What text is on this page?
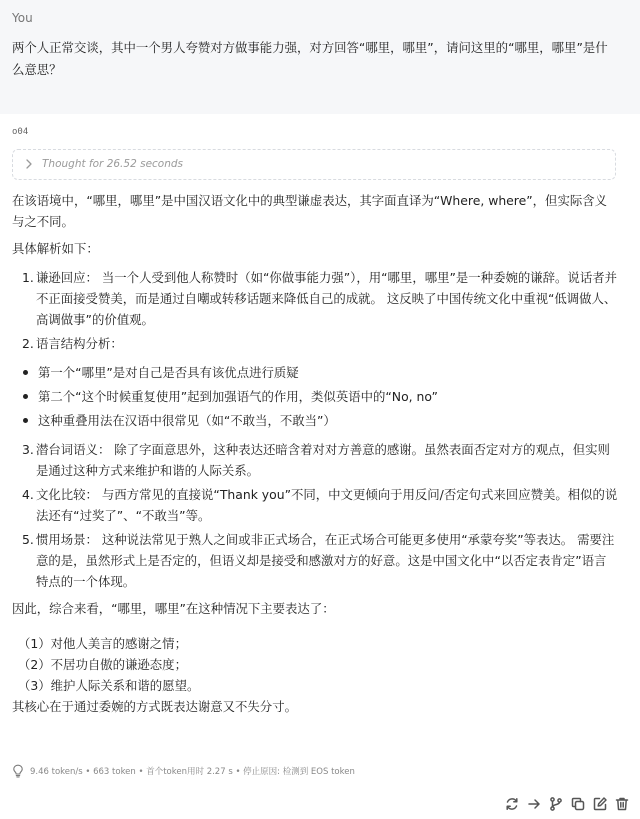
You
两个人正常交谈，其中一个男人夸赞对方做事能力强，对方回答“哪里，哪里”，请问这里的“哪里，哪里”是什么意思？
o04
Thought for 26.52 seconds
在该语境中，“哪里，哪里”是中国汉语文化中的典型谦虚表达，其字面直译为“Where, where”，但实际含义与之不同。
具体解析如下：
1. 谦逊回应： 当一个人受到他人称赞时（如“你做事能力强”），用“哪里，哪里”是一种委婉的谦辞。说话者并不正面接受赞美，而是通过自嘲或转移话题来降低自己的成就。 这反映了中国传统文化中重视“低调做人、高调做事”的价值观。
2. 语言结构分析：
第一个“哪里”是对自己是否具有该优点进行质疑
第二个“这个时候重复使用”起到加强语气的作用，类似英语中的“No, no”
这种重叠用法在汉语中很常见（如“不敢当，不敢当”）
3. 潜台词语义： 除了字面意思外，这种表达还暗含着对对方善意的感谢。虽然表面否定对方的观点，但实则是通过这种方式来维护和谐的人际关系。
4. 文化比较： 与西方常见的直接说“Thank you”不同，中文更倾向于用反问/否定句式来回应赞美。相似的说法还有“过奖了”、“不敢当”等。
5. 惯用场景： 这种说法常见于熟人之间或非正式场合，在正式场合可能更多使用“承蒙夸奖”等表达。 需要注意的是，虽然形式上是否定的，但语义却是接受和感激对方的好意。这是中国文化中“以否定表肯定”语言特点的一个体现。
因此，综合来看，“哪里，哪里”在这种情况下主要表达了：
（1）对他人美言的感谢之情；
（2）不居功自傲的谦逊态度；
（3）维护人际关系和谐的愿望。
其核心在于通过委婉的方式既表达谢意又不失分寸。
9.46 token/s • 663 token • 首个token用时 2.27 s • 停止原因: 检测到 EOS token
